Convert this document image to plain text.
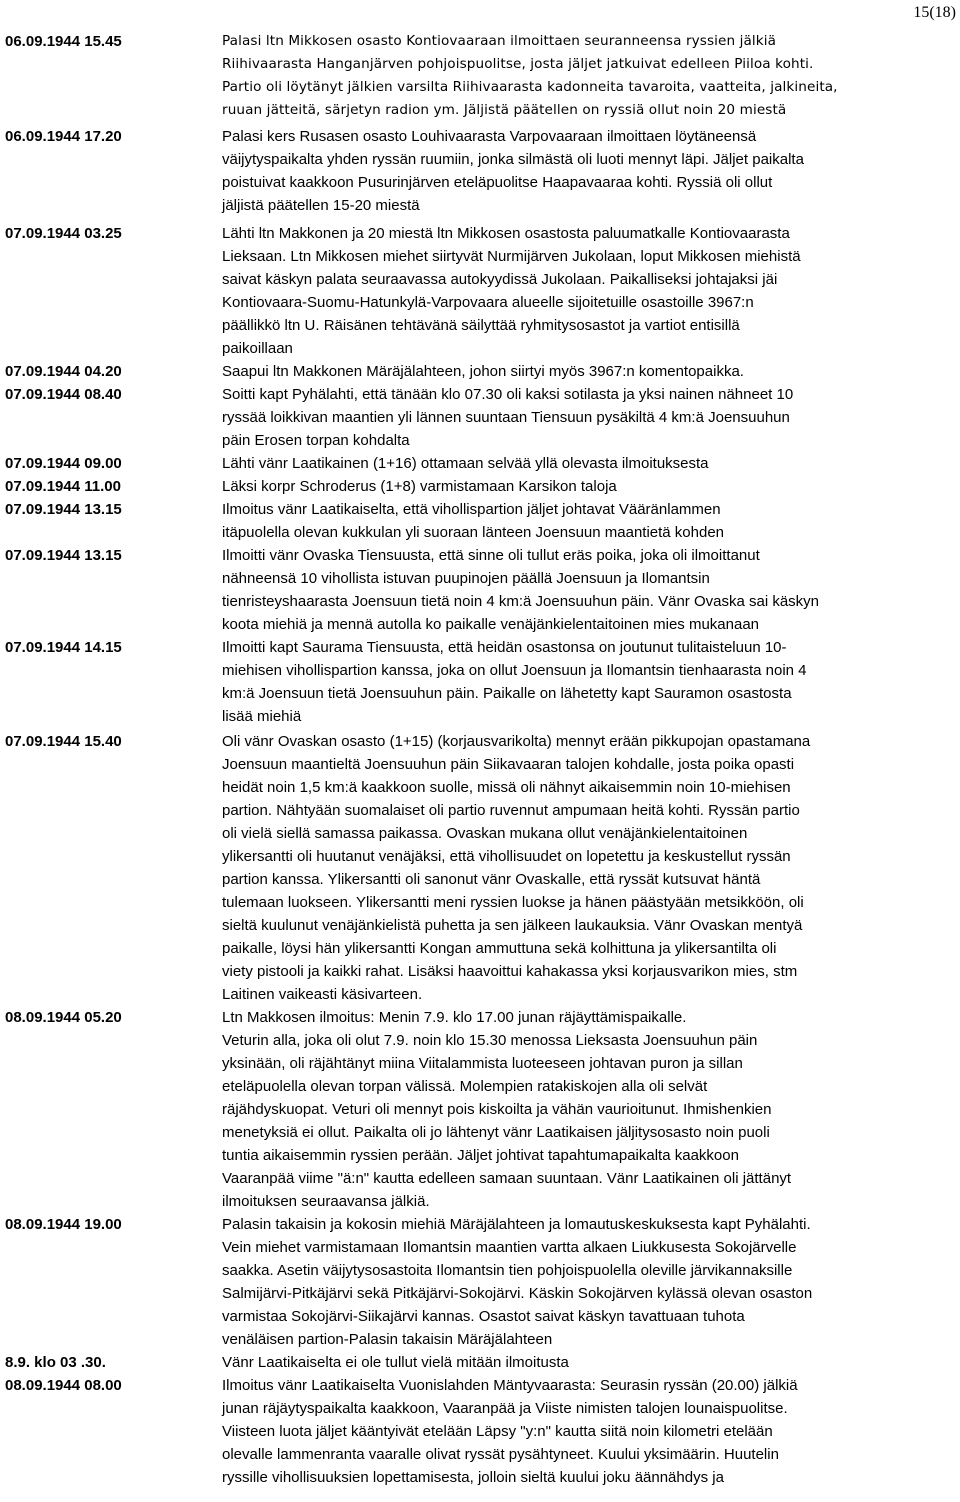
15(18)
06.09.1944 15.45	Palasi ltn Mikkosen osasto Kontiovaaraan ilmoittaen seuranneensa ryssien jälkiä
Riihivaarasta Hanganjärven pohjoispuolitse, josta jäljet jatkuivat edelleen Piiloa kohti.
Partio oli löytänyt jälkien varsilta Riihivaarasta kadonneita tavaroita, vaatteita, jalkineita,
ruuan jätteitä, särjetyn radion ym. Jäljistä päätellen on ryssiä ollut noin 20 miestä
06.09.1944 17.20	Palasi kers Rusasen osasto Louhivaarasta Varpovaaraan ilmoittaen löytäneensä
väijytyspaikalta yhden ryssän ruumiin, jonka silmästä oli luoti mennyt läpi. Jäljet paikalta
poistuivat kaakkoon Pusurinjärven eteläpuolitse Haapavaaraa kohti. Ryssiä oli ollut
jäljistä päätellen 15-20 miestä
07.09.1944 03.25	Lähti ltn Makkonen ja 20 miestä ltn Mikkosen osastosta paluumatkalle Kontiovaarasta
Lieksaan. Ltn Mikkosen miehet siirtyvät Nurmijärven Jukolaan, loput Mikkosen miehistä
saivat käskyn palata seuraavassa autokyydissä Jukolaan. Paikalliseksi johtajaksi jäi
Kontiovaara-Suomu-Hatunkylä-Varpovaara alueelle sijoitetuille osastoille 3967:n
päällikkö ltn U. Räisänen tehtävänä säilyttää ryhmitysosastot ja vartiot entisillä
paikoillaan
07.09.1944 04.20	Saapui ltn Makkonen Märäjälahteen, johon siirtyi myös 3967:n komentopaikka.
07.09.1944 08.40	Soitti kapt Pyhälahti, että tänään klo 07.30 oli kaksi sotilasta ja yksi nainen nähneet 10
ryssää loikkivan maantien yli lännen suuntaan Tiensuun pysäkiltä 4 km:ä Joensuuhun
päin Erosen torpan kohdalta
07.09.1944 09.00	Lähti vänr Laatikainen (1+16) ottamaan selvää yllä olevasta ilmoituksesta
07.09.1944 11.00	Läksi korpr Schroderus (1+8) varmistamaan Karsikon taloja
07.09.1944 13.15	Ilmoitus vänr Laatikaiselta, että vihollispartion jäljet johtavat Vääränlammen
itäpuolella olevan kukkulan yli suoraan länteen Joensuun maantietä kohden
07.09.1944 13.15	Ilmoitti vänr Ovaska Tiensuusta, että sinne oli tullut eräs poika, joka oli ilmoittanut
nähneensä 10 vihollista istuvan puupinojen päällä Joensuun ja Ilomantsin
tienristeyshaarasta Joensuun tietä noin 4 km:ä Joensuuhun päin. Vänr Ovaska sai käskyn
koota miehiä ja mennä autolla ko paikalle venäjänkielentaitoinen mies mukanaan
07.09.1944 14.15	Ilmoitti kapt Saurama Tiensuusta, että heidän osastonsa on joutunut tulitaisteluun 10-
miehisen vihollispartion kanssa, joka on ollut Joensuun ja Ilomantsin tienhaarasta noin 4
km:ä Joensuun tietä Joensuuhun päin. Paikalle on lähetetty kapt Sauramon osastosta
lisää miehiä
07.09.1944 15.40	Oli vänr Ovaskan osasto (1+15) (korjausvarikolta) mennyt erään pikkupojan opastamana
Joensuun maantieltä Joensuuhun päin Siikavaaran talojen kohdalle, josta poika opasti
heidät noin 1,5 km:ä kaakkoon suolle, missä oli nähnyt aikaisemmin noin 10-miehisen
partion. Nähtyään suomalaiset oli partio ruvennut ampumaan heitä kohti. Ryssän partio
oli vielä siellä samassa paikassa. Ovaskan mukana ollut venäjänkielentaitoinen
ylikersantti oli huutanut venäjäksi, että vihollisuudet on lopetettu ja keskustellut ryssän
partion kanssa. Ylikersantti oli sanonut vänr Ovaskalle, että ryssät kutsuvat häntä
tulemaan luokseen. Ylikersantti meni ryssien luokse ja hänen päästyään metsikköön, oli
sieltä kuulunut venäjänkielistä puhetta ja sen jälkeen laukauksia. Vänr Ovaskan mentyä
paikalle, löysi hän ylikersantti Kongan ammuttuna sekä kolhittuna ja ylikersantilta oli
viety pistooli ja kaikki rahat. Lisäksi haavoittui kahakassa yksi korjausvarikon mies, stm
Laitinen vaikeasti käsivarteen.
08.09.1944 05.20	Ltn Makkosen ilmoitus: Menin 7.9. klo 17.00 junan räjäyttämispaikalle.
Veturin alla, joka oli olut 7.9. noin klo 15.30 menossa Lieksasta Joensuuhun päin
yksinään, oli räjähtänyt miina Viitalammista luoteeseen johtavan puron ja sillan
eteläpuolella olevan torpan välissä. Molempien ratakiskojen alla oli selvät
räjähdyskuopat. Veturi oli mennyt pois kiskoilta ja vähän vaurioitunut. Ihmishenkien
menetyksiä ei ollut. Paikalta oli jo lähtenyt vänr Laatikaisen jäljitysosasto noin puoli
tuntia aikaisemmin ryssien perään. Jäljet johtivat tapahtumapaikalta kaakkoon
Vaaranpää viime "ä:n" kautta edelleen samaan suuntaan. Vänr Laatikainen oli jättänyt
ilmoituksen seuraavansa jälkiä.
08.09.1944 19.00	Palasin takaisin ja kokosin miehiä Märäjälahteen ja lomautuskeskuksesta kapt Pyhälahti.
Vein miehet varmistamaan Ilomantsin maantien vartta alkaen Liukkusesta Sokojärvelle
saakka. Asetin väijytysosastoita Ilomantsin tien pohjoispuolella oleville järvikannaksille
Salmijärvi-Pitkäjärvi sekä Pitkäjärvi-Sokojärvi. Käskin Sokojärven kylässä olevan osaston
varmistaa Sokojärvi-Siikajärvi kannas. Osastot saivat käskyn tavattuaan tuhota
venäläisen partion-Palasin takaisin Märäjälahteen
8.9. klo 03 .30.	Vänr Laatikaiselta ei ole tullut vielä mitään ilmoitusta
08.09.1944 08.00	Ilmoitus vänr Laatikaiselta Vuonislahden Mäntyvaarasta: Seurasin ryssän (20.00) jälkiä
junan räjäytyspaikalta kaakkoon, Vaaranpää ja Viiste nimisten talojen lounaispuolitse.
Viisteen luota jäljet kääntyivät etelään Läpsy "y:n" kautta siitä noin kilometri etelään
olevalle lammenranta vaaralle olivat ryssät pysähtyneet. Kuului yksimäärin. Huutelin
ryssille vihollisuuksien lopettamisesta, jolloin sieltä kuului joku äännähdys ja
